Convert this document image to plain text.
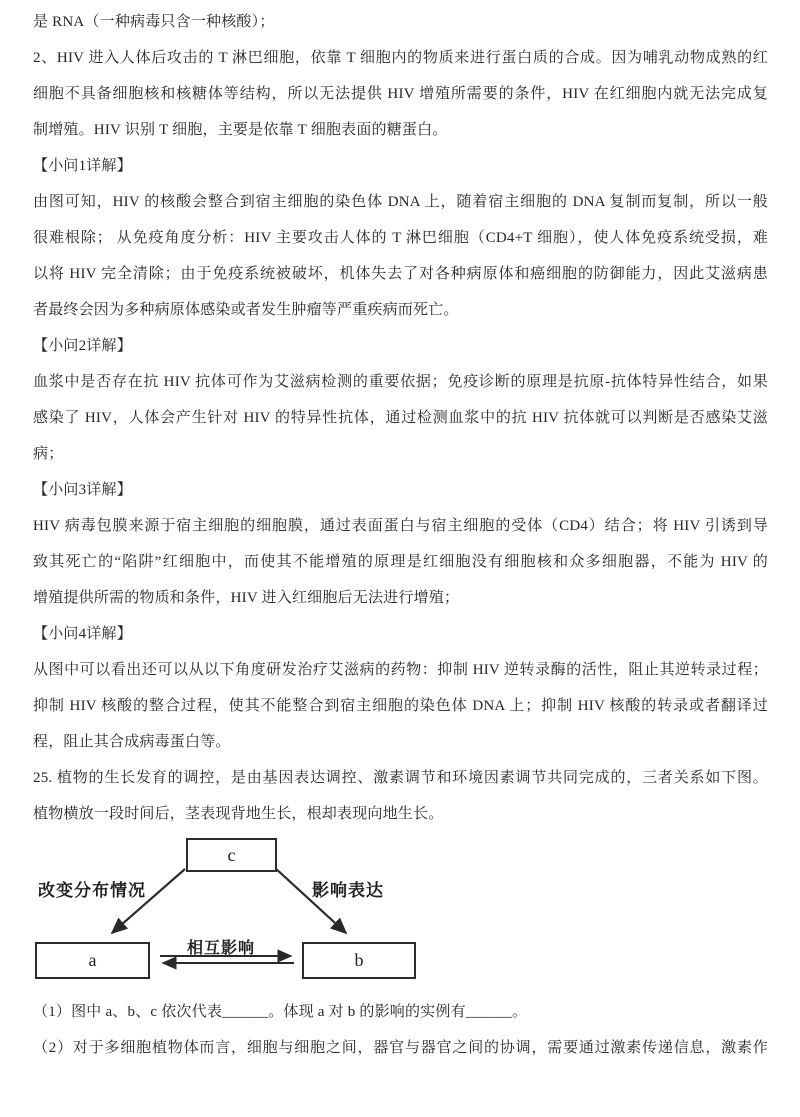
是 RNA（一种病毒只含一种核酸）；
2、HIV 进入人体后攻击的 T 淋巴细胞，依靠 T 细胞内的物质来进行蛋白质的合成。因为哺乳动物成熟的红
细胞不具备细胞核和核糖体等结构，所以无法提供 HIV 增殖所需要的条件，HIV 在红细胞内就无法完成复
制增殖。HIV 识别 T 细胞，主要是依靠 T 细胞表面的糖蛋白。
【小问1详解】
由图可知，HIV 的核酸会整合到宿主细胞的染色体 DNA 上，随着宿主细胞的 DNA 复制而复制，所以一般
很难根除； 从免疫角度分析：HIV 主要攻击人体的 T 淋巴细胞（CD4+T 细胞），使人体免疫系统受损，难
以将 HIV 完全清除；由于免疫系统被破坏，机体失去了对各种病原体和癌细胞的防御能力，因此艾滋病患
者最终会因为多种病原体感染或者发生肿瘤等严重疾病而死亡。
【小问2详解】
血浆中是否存在抗 HIV 抗体可作为艾滋病检测的重要依据；免疫诊断的原理是抗原-抗体特异性结合，如果
感染了 HIV，人体会产生针对 HIV 的特异性抗体，通过检测血浆中的抗 HIV 抗体就可以判断是否感染艾滋
病；
【小问3详解】
HIV 病毒包膜来源于宿主细胞的细胞膜，通过表面蛋白与宿主细胞的受体（CD4）结合；将 HIV 引诱到导
致其死亡的“陷阱”红细胞中，而使其不能增殖的原理是红细胞没有细胞核和众多细胞器，不能为 HIV 的
增殖提供所需的物质和条件，HIV 进入红细胞后无法进行增殖；
【小问4详解】
从图中可以看出还可以从以下角度研发治疗艾滋病的药物：抑制 HIV 逆转录酶的活性，阻止其逆转录过程；
抑制 HIV 核酸的整合过程，使其不能整合到宿主细胞的染色体 DNA 上；抑制 HIV 核酸的转录或者翻译过
程，阻止其合成病毒蛋白等。
25. 植物的生长发育的调控，是由基因表达调控、激素调节和环境因素调节共同完成的，三者关系如下图。
植物横放一段时间后，茎表现背地生长，根却表现向地生长。
c
a	b
改变分布情况	影响表达
相互影响
（1）图中 a、b、c 依次代表______。体现 a 对 b 的影响的实例有______。
（2）对于多细胞植物体而言，细胞与细胞之间，器官与器官之间的协调，需要通过激素传递信息，激素作
